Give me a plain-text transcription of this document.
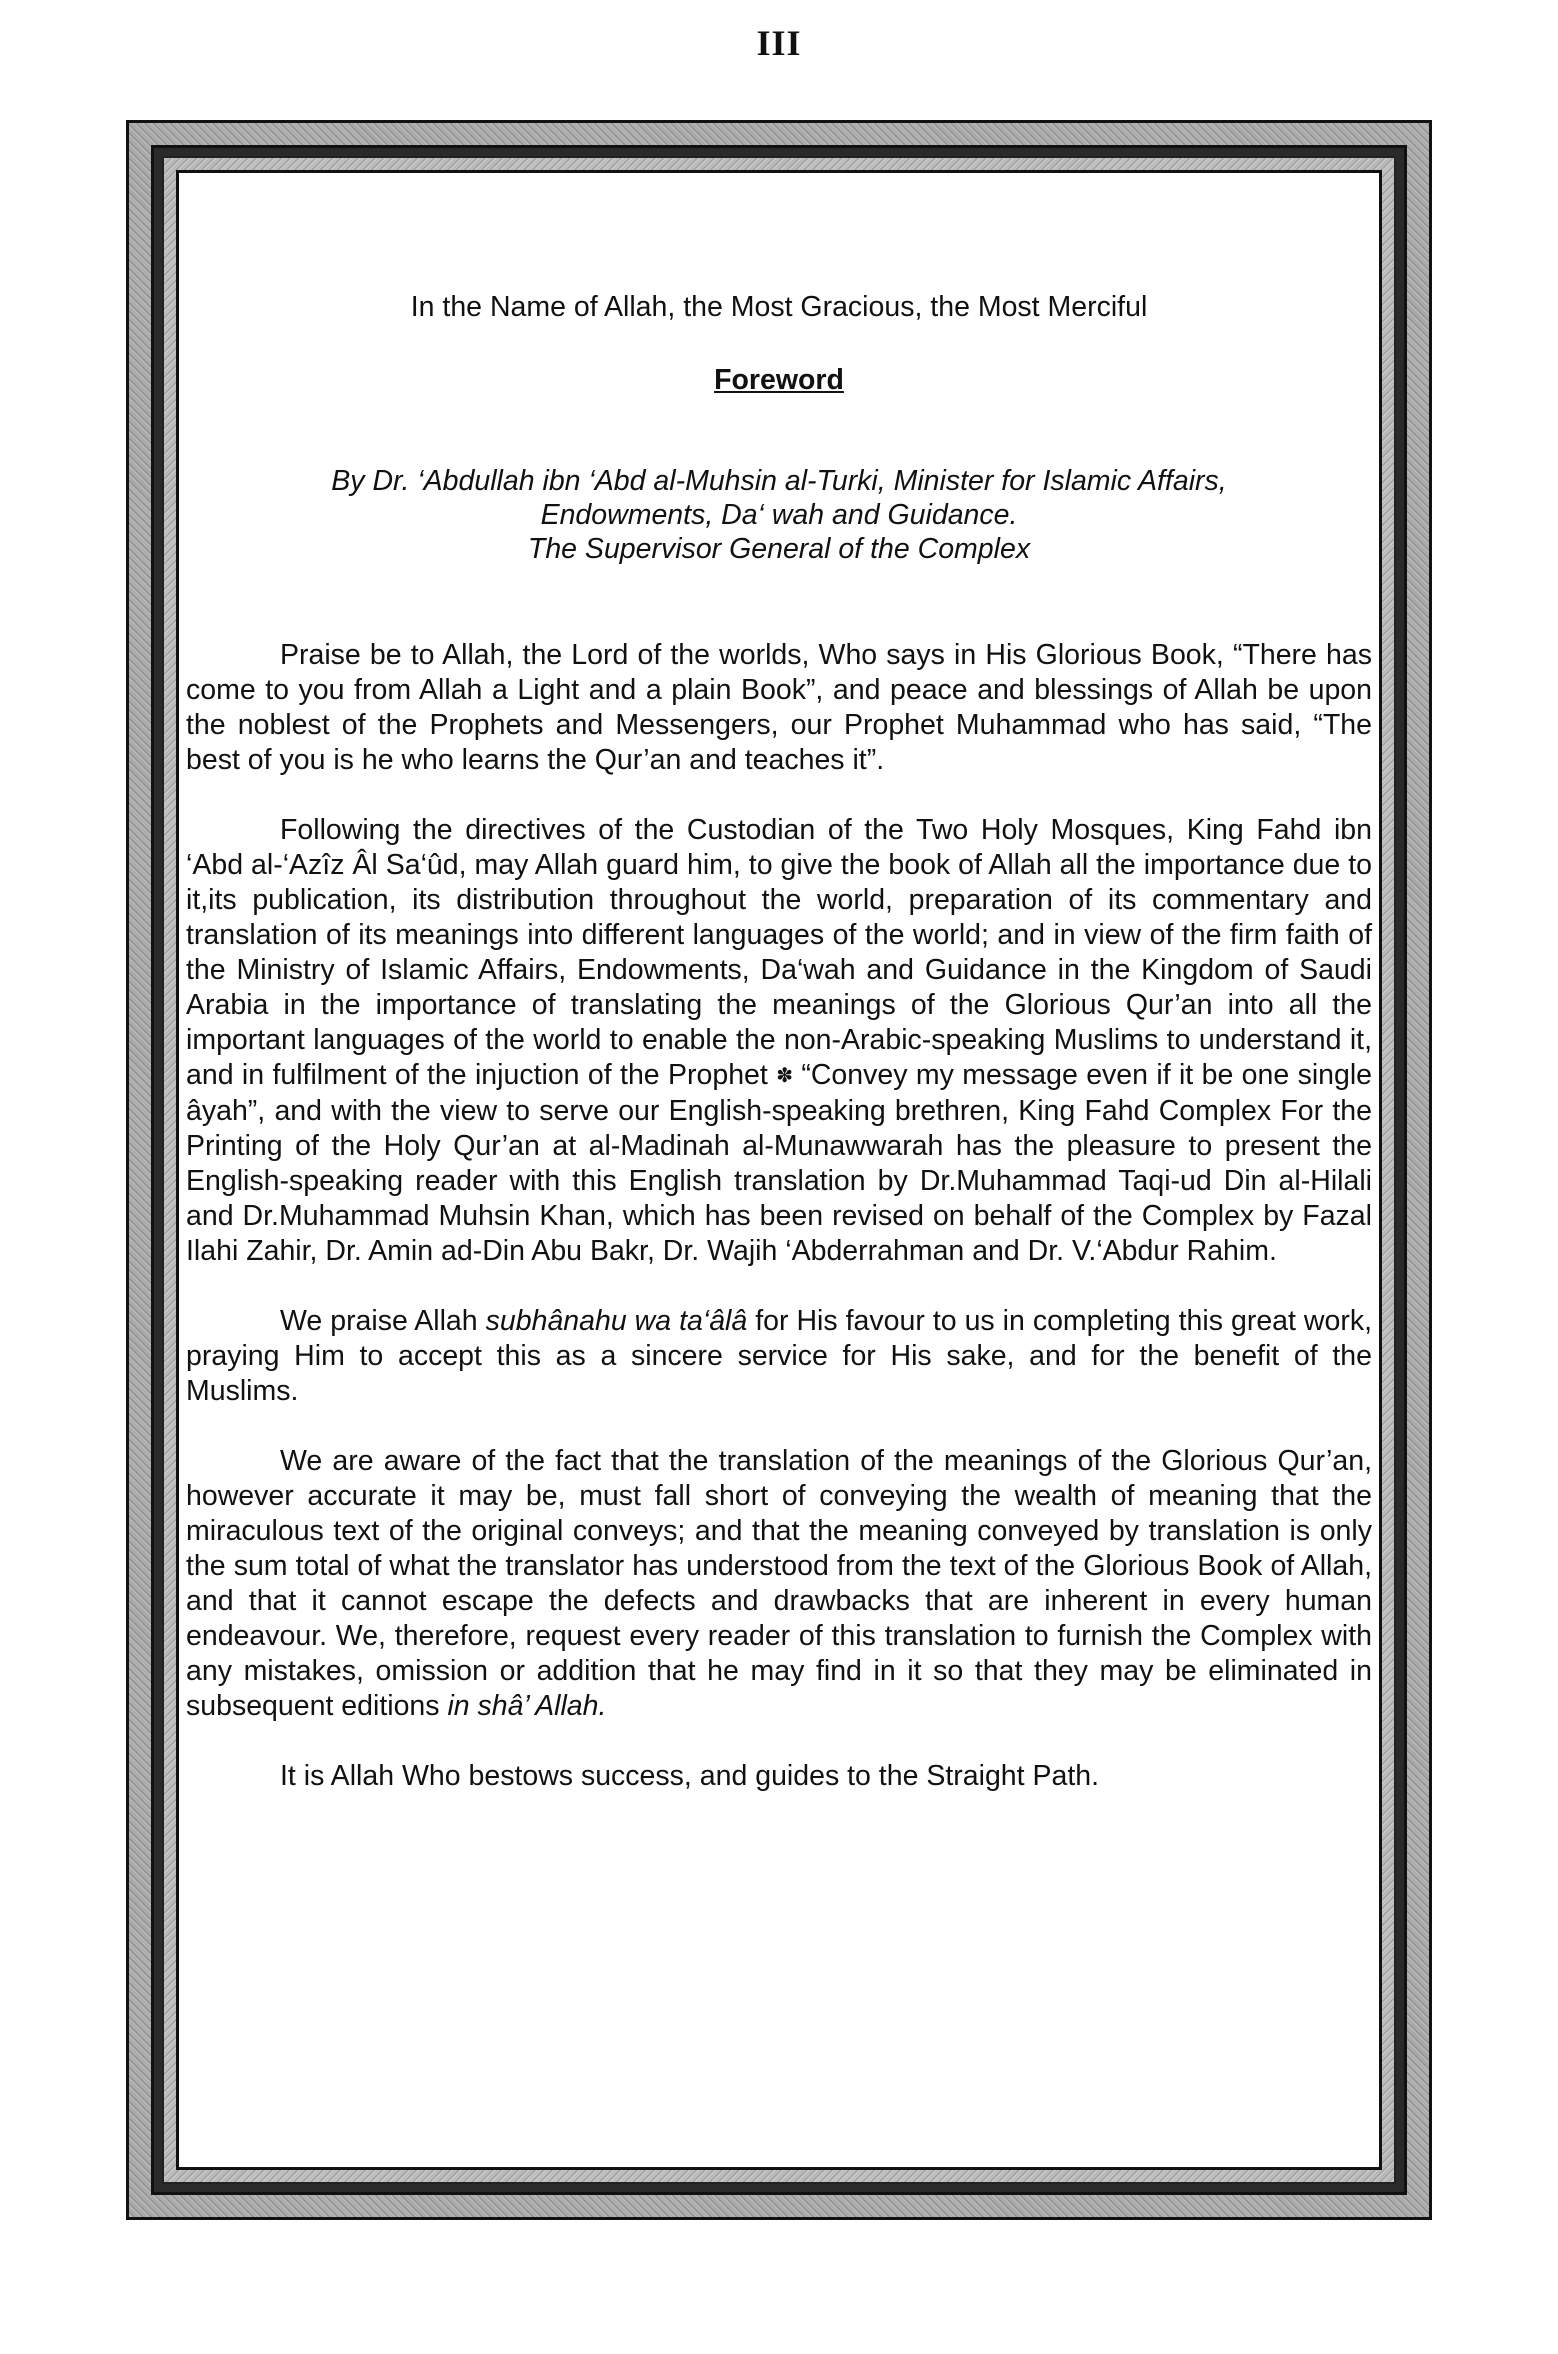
III
In the Name of Allah, the Most Gracious, the Most Merciful
Foreword
By Dr. ‘Abdullah ibn ‘Abd al-Muhsin al-Turki, Minister for Islamic Affairs,
Endowments, Da‘ wah and Guidance.
The Supervisor General of the Complex

Praise be to Allah, the Lord of the worlds, Who says in His Glorious Book, “There has come to you from Allah a Light and a plain Book”, and peace and blessings of Allah be upon the noblest of the Prophets and Messengers, our Prophet Muhammad who has said, “The best of you is he who learns the Qur’an and teaches it”.

Following the directives of the Custodian of the Two Holy Mosques, King Fahd ibn ‘Abd al-‘Azîz Âl Sa‘ûd, may Allah guard him, to give the book of Allah all the importance due to it,its publication, its distribution throughout the world, preparation of its commentary and translation of its meanings into different languages of the world; and in view of the firm faith of the Ministry of Islamic Affairs, Endowments, Da‘wah and Guidance in the Kingdom of Saudi Arabia in the importance of translating the meanings of the Glorious Qur’an into all the important languages of the world to enable the non-Arabic-speaking Muslims to understand it, and in fulfilment of the injuction of the Prophet ✽ “Convey my message even if it be one single âyah”, and with the view to serve our English-speaking brethren, King Fahd Complex For the Printing of the Holy Qur’an at al-Madinah al-Munawwarah has the pleasure to present the English-speaking reader with this English translation by Dr.Muhammad Taqi-ud Din al-Hilali and Dr.Muhammad Muhsin Khan, which has been revised on behalf of the Complex by Fazal Ilahi Zahir, Dr. Amin ad-Din Abu Bakr, Dr. Wajih ‘Abderrahman and Dr. V.‘Abdur Rahim.

We praise Allah subhânahu wa ta‘âlâ for His favour to us in completing this great work, praying Him to accept this as a sincere service for His sake, and for the benefit of the Muslims.

We are aware of the fact that the translation of the meanings of the Glorious Qur’an, however accurate it may be, must fall short of conveying the wealth of meaning that the miraculous text of the original conveys; and that the meaning conveyed by translation is only the sum total of what the translator has understood from the text of the Glorious Book of Allah, and that it cannot escape the defects and drawbacks that are inherent in every human endeavour. We, therefore, request every reader of this translation to furnish the Complex with any mistakes, omission or addition that he may find in it so that they may be eliminated in subsequent editions in shâ’ Allah.

It is Allah Who bestows success, and guides to the Straight Path.
